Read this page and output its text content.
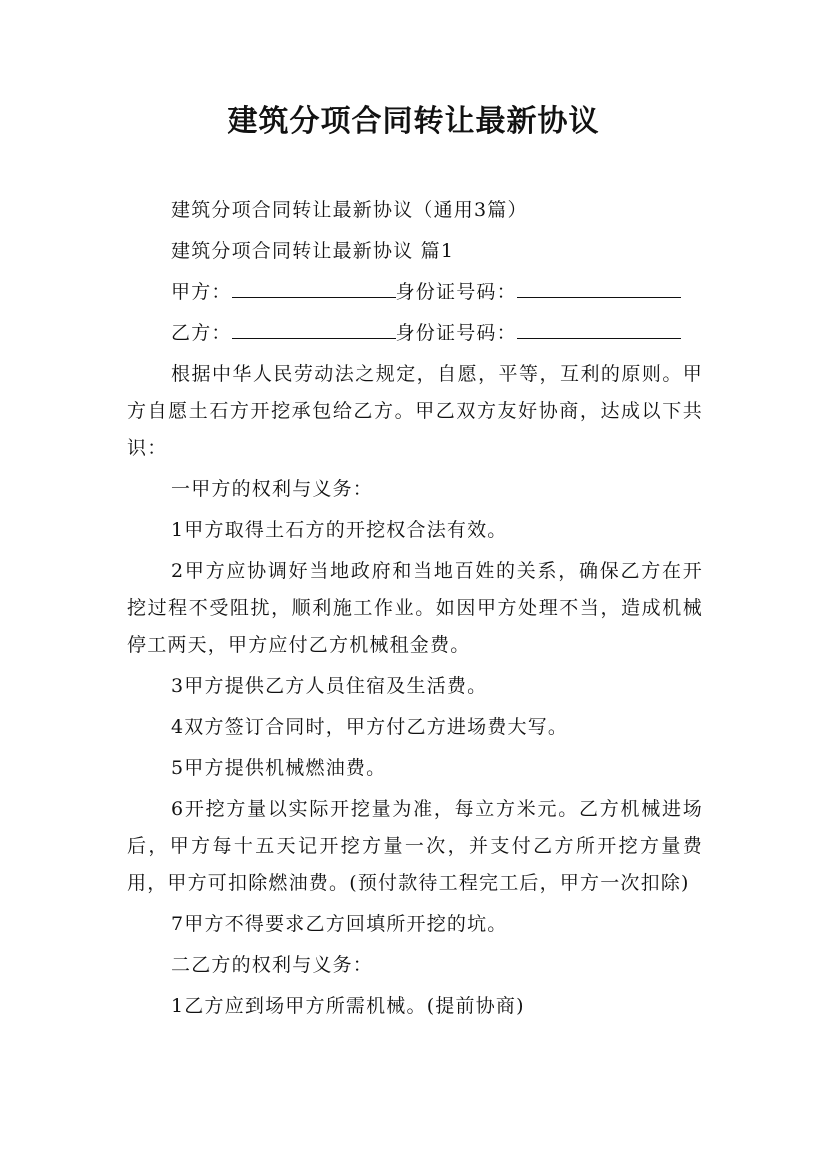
建筑分项合同转让最新协议

建筑分项合同转让最新协议（通用3篇）

建筑分项合同转让最新协议 篇1

甲方：	身份证号码：

乙方：	身份证号码：

根据中华人民劳动法之规定，自愿，平等，互利的原则。甲方自愿土石方开挖承包给乙方。甲乙双方友好协商，达成以下共识：

一甲方的权利与义务：

1甲方取得土石方的开挖权合法有效。

2甲方应协调好当地政府和当地百姓的关系，确保乙方在开挖过程不受阻扰，顺利施工作业。如因甲方处理不当，造成机械停工两天，甲方应付乙方机械租金费。

3甲方提供乙方人员住宿及生活费。

4双方签订合同时，甲方付乙方进场费大写。

5甲方提供机械燃油费。

6开挖方量以实际开挖量为准，每立方米元。乙方机械进场后，甲方每十五天记开挖方量一次，并支付乙方所开挖方量费用，甲方可扣除燃油费。(预付款待工程完工后，甲方一次扣除)

7甲方不得要求乙方回填所开挖的坑。

二乙方的权利与义务：

1乙方应到场甲方所需机械。(提前协商)
